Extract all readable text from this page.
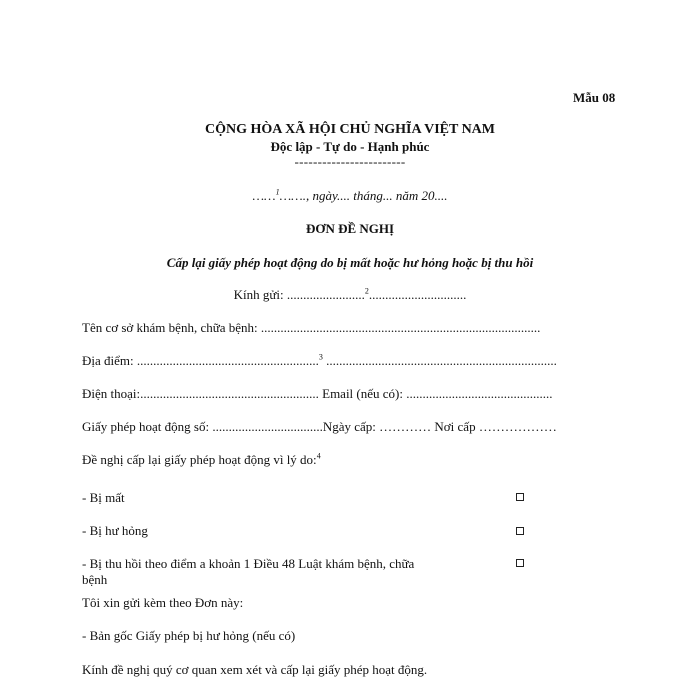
Mẫu 08
CỘNG HÒA XÃ HỘI CHỦ NGHĨA VIỆT NAM
Độc lập - Tự do - Hạnh phúc
------------------------
……$^1$……., ngày.... tháng... năm 20....
ĐƠN ĐỀ NGHỊ
Cấp lại giấy phép hoạt động do bị mất hoặc hư hỏng hoặc bị thu hồi
Kính gửi: ........................$^2$..............................
Tên cơ sở khám bệnh, chữa bệnh: ......................................................................................
Địa điểm: ........................................................$^3$ .......................................................................
Điện thoại:....................................................... Email (nếu có): .............................................
Giấy phép hoạt động số: ..................................Ngày cấp: ………… Nơi cấp ………………
Đề nghị cấp lại giấy phép hoạt động vì lý do:$^4$
- Bị mất
- Bị hư hỏng
- Bị thu hồi theo điểm a khoản 1 Điều 48 Luật khám bệnh, chữa
bệnh
Tôi xin gửi kèm theo Đơn này:
- Bản gốc Giấy phép bị hư hỏng (nếu có)
Kính đề nghị quý cơ quan xem xét và cấp lại giấy phép hoạt động.
